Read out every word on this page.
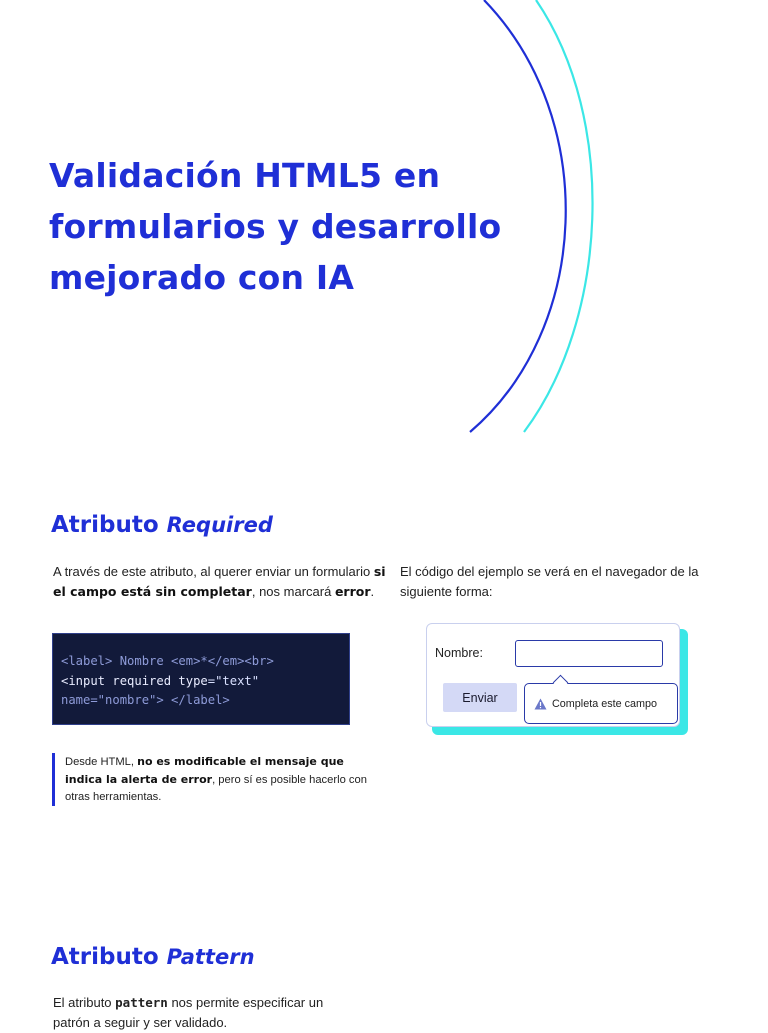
Validación HTML5 en
formularios y desarrollo
mejorado con IA
Atributo Required

A través de este atributo, al querer enviar un formulario si el campo está sin completar, nos marcará error.

<label> Nombre <em>*</em><br>
<input required type="text"
name="nombre"> </label>
Desde HTML, no es modificable el mensaje que indica la alerta de error, pero sí es posible hacerlo con otras herramientas.

El código del ejemplo se verá en el navegador de la siguiente forma:

Nombre:
Enviar	Completa este campo
Atributo Pattern

El atributo pattern nos permite especificar un patrón a seguir y ser validado.
